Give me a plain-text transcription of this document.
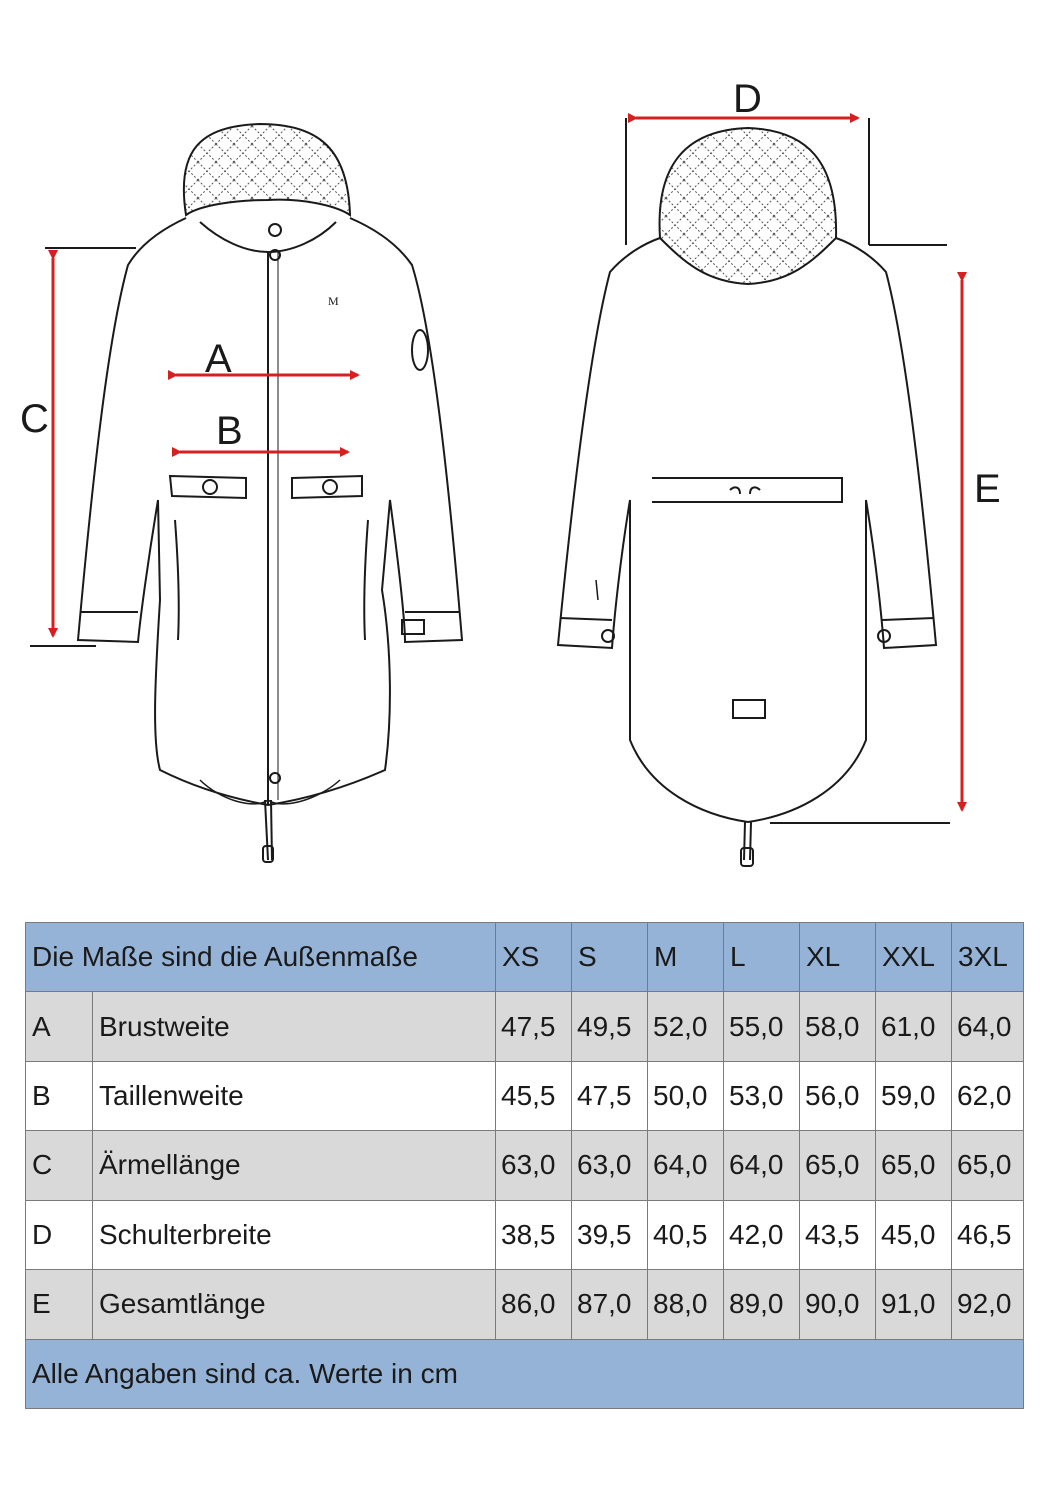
M
A
B
C
D
E
Die Maße sind die Außenmaße		XS	S	M	L	XL	XXL	3XL
A	Brustweite	47,5	49,5	52,0	55,0	58,0	61,0	64,0
B	Taillenweite	45,5	47,5	50,0	53,0	56,0	59,0	62,0
C	Ärmellänge	63,0	63,0	64,0	64,0	65,0	65,0	65,0
D	Schulterbreite	38,5	39,5	40,5	42,0	43,5	45,0	46,5
E	Gesamtlänge	86,0	87,0	88,0	89,0	90,0	91,0	92,0
Alle Angaben sind ca. Werte in cm								
